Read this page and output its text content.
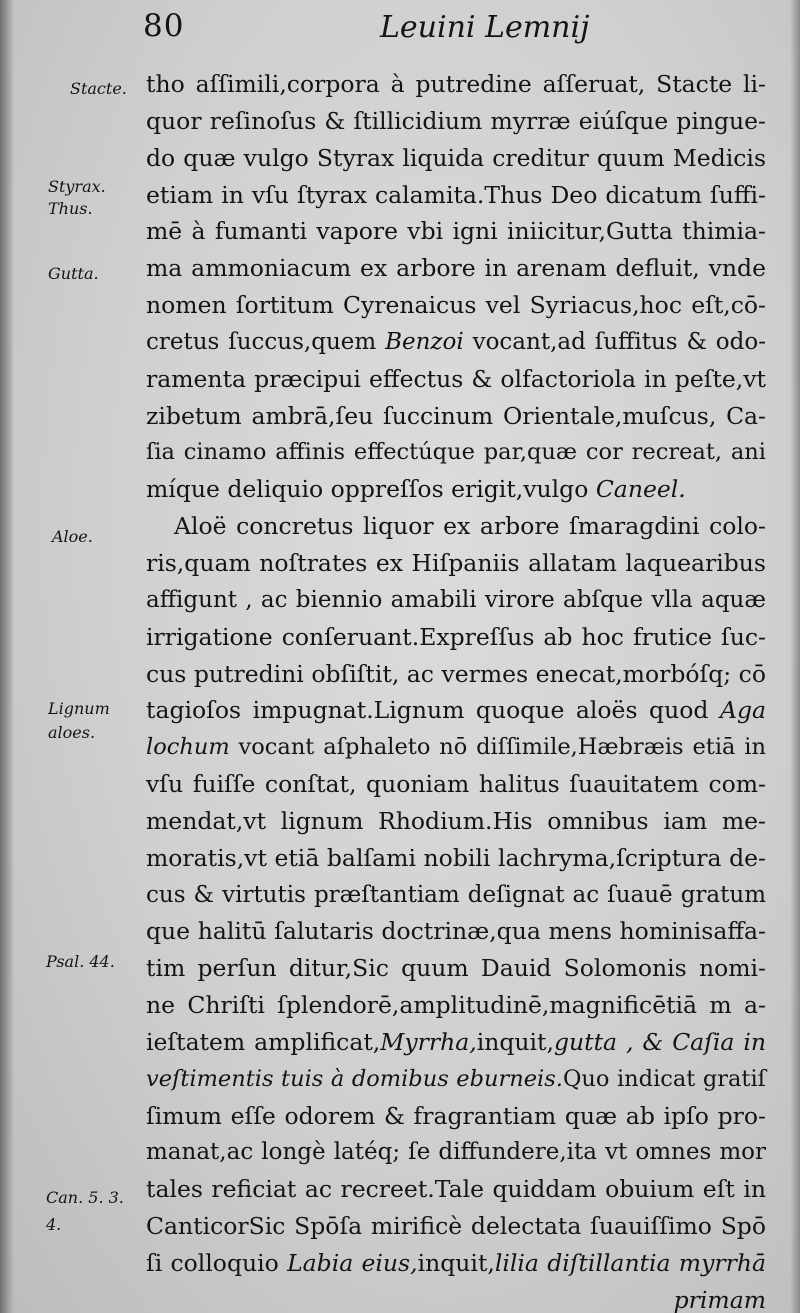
80	Leuini Lemnij
Stacte.
Styrax.
Thus.
Gutta.
Aloe.
Lignum
aloes.
Psal. 44.
Can. 5. 3.
4.
tho aſſimili,corpora à putredine aſſeruat, Stacte li-
quor reſinoſus & ſtillicidium myrræ eiúſque pingue-
do quæ vulgo Styrax liquida creditur quum Medicis
etiam in vſu ſtyrax calamita.Thus Deo dicatum ſuffi-
mē à fumanti vapore vbi igni iniicitur,Gutta thimia-
ma ammoniacum ex arbore in arenam defluit, vnde
nomen ſortitum Cyrenaicus vel Syriacus,hoc eſt,cō-
cretus ſuccus,quem Benzoi vocant,ad ſuffitus & odo-
ramenta præcipui effectus & olfactoriola in peſte,vt
zibetum ambrā,ſeu ſuccinum Orientale,muſcus, Ca-
ſia cinamo affinis effectúque par,quæ cor recreat, ani
míque deliquio oppreſſos erigit,vulgo Caneel.
Aloë concretus liquor ex arbore ſmaragdini colo-
ris,quam noſtrates ex Hiſpaniis allatam laquearibus
affigunt , ac biennio amabili virore abſque vlla aquæ
irrigatione conſeruant.Expreſſus ab hoc frutice ſuc-
cus putredini obſiſtit, ac vermes enecat,morbóſq; cō
tagioſos impugnat.Lignum quoque aloës quod Aga
lochum vocant aſphaleto nō diſſimile,Hæbræis etiā in
vſu fuiſſe conſtat, quoniam halitus ſuauitatem com-
mendat,vt lignum Rhodium.His omnibus iam me-
moratis,vt etiā balſami nobili lachryma,ſcriptura de-
cus & virtutis præſtantiam deſignat ac ſuauē gratum
que halitū ſalutaris doctrinæ,qua mens hominisaffa-
tim perſun ditur,Sic quum Dauid Solomonis nomi-
ne Chriſti ſplendorē,amplitudinē,magnificētiā m a-
ieſtatem amplificat,Myrrha,inquit,gutta , & Caſia in
veſtimentis tuis à domibus eburneis.Quo indicat gratiſ
ſimum eſſe odorem & fragrantiam quæ ab ipſo pro-
manat,ac longè latéq; ſe diffundere,ita vt omnes mor
tales reficiat ac recreet.Tale quiddam obuium eſt in
CanticorSic Spōſa mirificè delectata ſuauiſſimo Spō
ſi colloquio Labia eius,inquit,lilia diſtillantia myrrhā
primam
